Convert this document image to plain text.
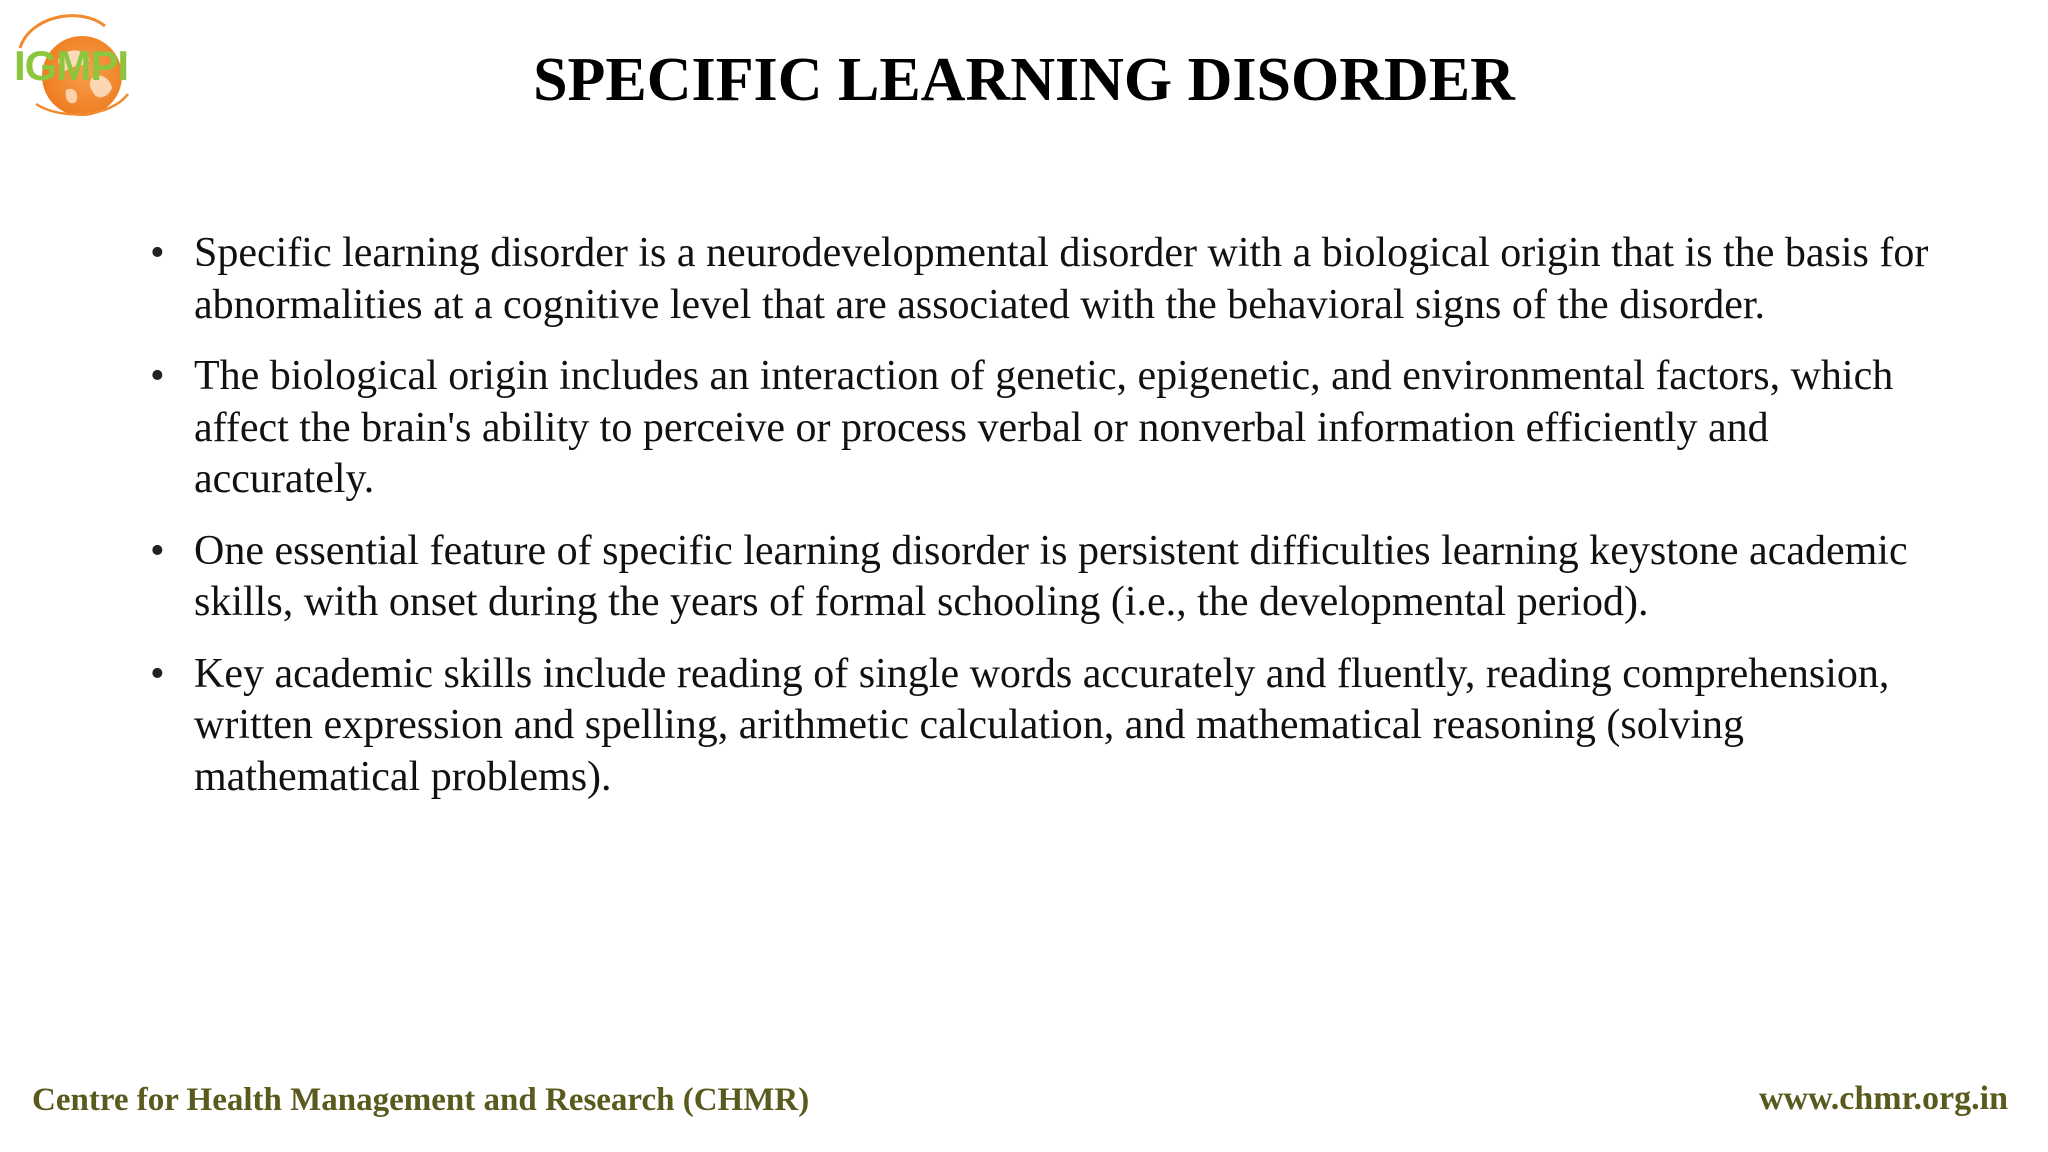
IGMPI	SPECIFIC LEARNING DISORDER
• Specific learning disorder is a neurodevelopmental disorder with a biological origin that is the basis for abnormalities at a cognitive level that are associated with the behavioral signs of the disorder.
• The biological origin includes an interaction of genetic, epigenetic, and environmental factors, which affect the brain's ability to perceive or process verbal or nonverbal information efficiently and accurately.
• One essential feature of specific learning disorder is persistent difficulties learning keystone academic skills, with onset during the years of formal schooling (i.e., the developmental period).
• Key academic skills include reading of single words accurately and fluently, reading comprehension, written expression and spelling, arithmetic calculation, and mathematical reasoning (solving mathematical problems).
Centre for Health Management and Research (CHMR)	www.chmr.org.in
